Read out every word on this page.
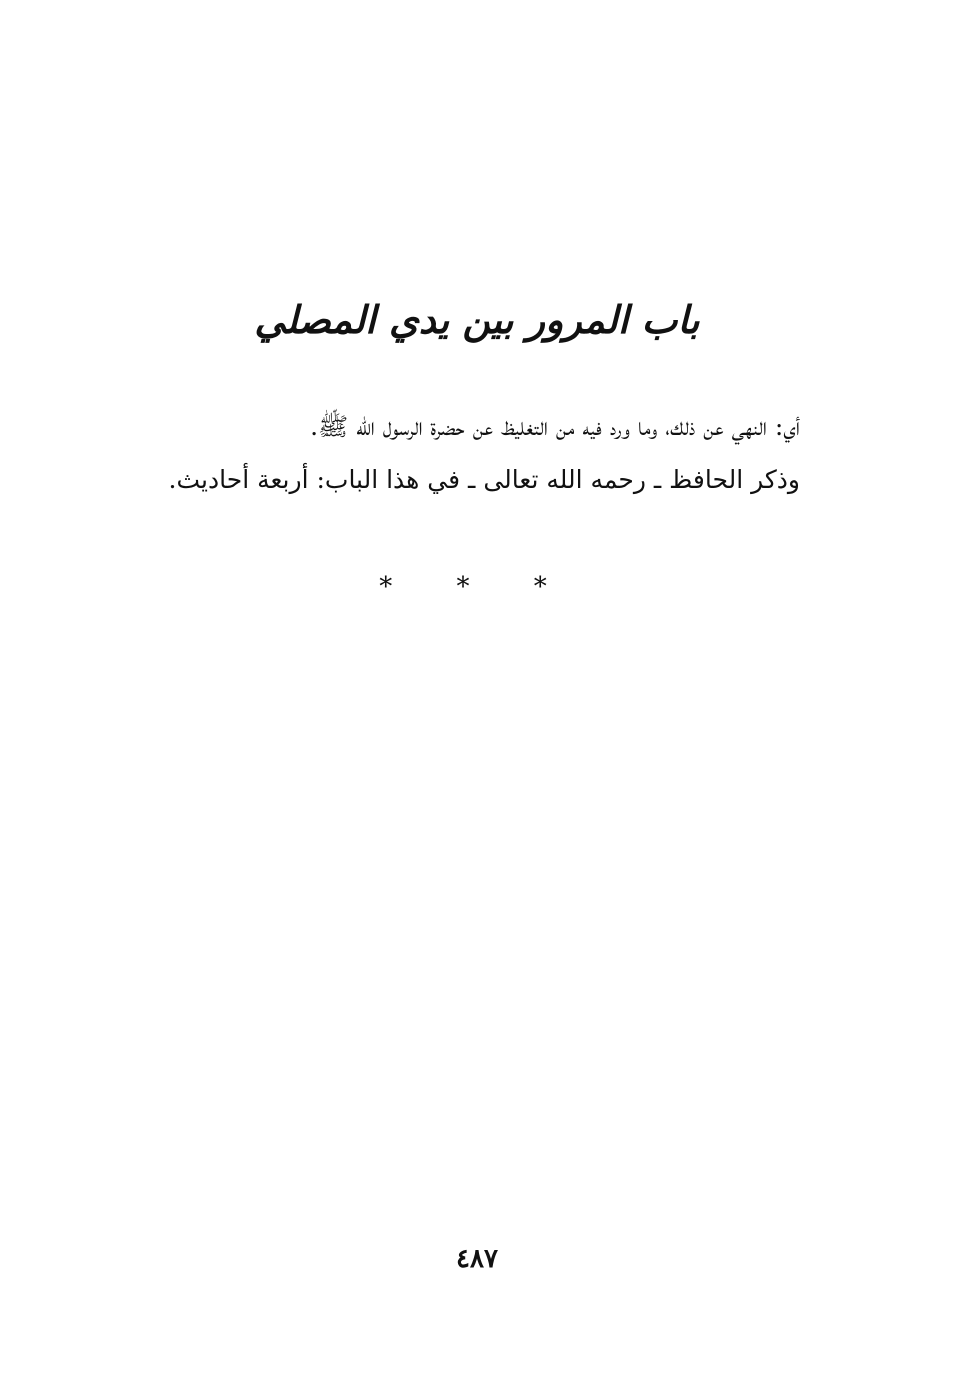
باب المرور بين يدي المصلي

أي: النهي عن ذلك، وما ورد فيه من التغليظ عن حضرة الرسول الله ﷺ.

وذكر الحافظ ـ رحمه الله تعالى ـ في هذا الباب: أربعة أحاديث.

* * *
٤٨٧
